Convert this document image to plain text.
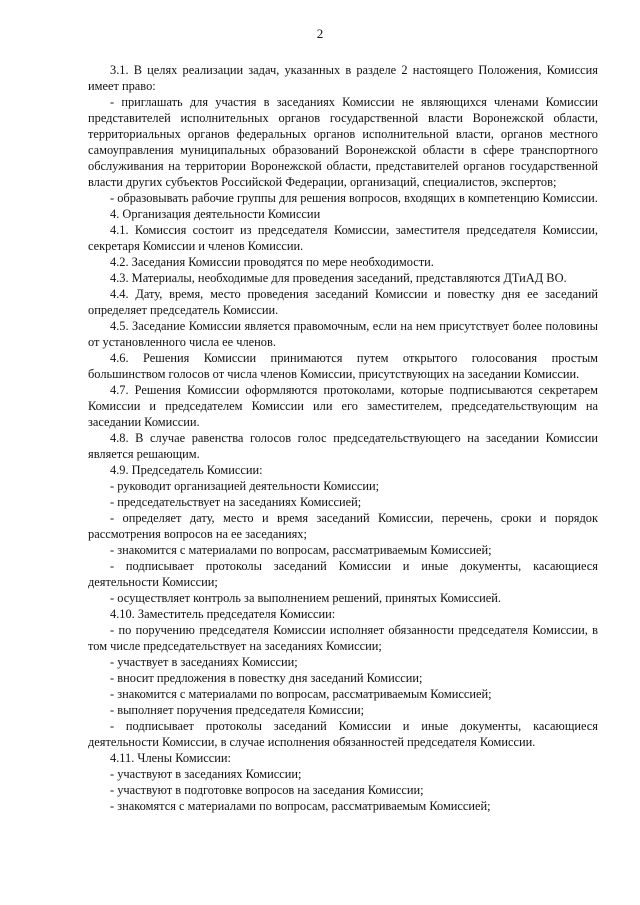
2

3.1. В целях реализации задач, указанных в разделе 2 настоящего Положения, Комиссия имеет право:

- приглашать для участия в заседаниях Комиссии не являющихся членами Комиссии представителей исполнительных органов государственной власти Воронежской области, территориальных органов федеральных органов исполнительной власти, органов местного самоуправления муниципальных образований Воронежской области в сфере транспортного обслуживания на территории Воронежской области, представителей органов государственной власти других субъектов Российской Федерации, организаций, специалистов, экспертов;

- образовывать рабочие группы для решения вопросов, входящих в компетенцию Комиссии.

4. Организация деятельности Комиссии

4.1. Комиссия состоит из председателя Комиссии, заместителя председателя Комиссии, секретаря Комиссии и членов Комиссии.

4.2. Заседания Комиссии проводятся по мере необходимости.

4.3. Материалы, необходимые для проведения заседаний, представляются ДТиАД ВО.

4.4. Дату, время, место проведения заседаний Комиссии и повестку дня ее заседаний определяет председатель Комиссии.

4.5. Заседание Комиссии является правомочным, если на нем присутствует более половины от установленного числа ее членов.

4.6. Решения Комиссии принимаются путем открытого голосования простым большинством голосов от числа членов Комиссии, присутствующих на заседании Комиссии.

4.7. Решения Комиссии оформляются протоколами, которые подписываются секретарем Комиссии и председателем Комиссии или его заместителем, председательствующим на заседании Комиссии.

4.8. В случае равенства голосов голос председательствующего на заседании Комиссии является решающим.

4.9. Председатель Комиссии:

- руководит организацией деятельности Комиссии;

- председательствует на заседаниях Комиссией;

- определяет дату, место и время заседаний Комиссии, перечень, сроки и порядок рассмотрения вопросов на ее заседаниях;

- знакомится с материалами по вопросам, рассматриваемым Комиссией;

- подписывает протоколы заседаний Комиссии и иные документы, касающиеся деятельности Комиссии;

- осуществляет контроль за выполнением решений, принятых Комиссией.

4.10. Заместитель председателя Комиссии:

- по поручению председателя Комиссии исполняет обязанности председателя Комиссии, в том числе председательствует на заседаниях Комиссии;

- участвует в заседаниях Комиссии;

- вносит предложения в повестку дня заседаний Комиссии;

- знакомится с материалами по вопросам, рассматриваемым Комиссией;

- выполняет поручения председателя Комиссии;

- подписывает протоколы заседаний Комиссии и иные документы, касающиеся деятельности Комиссии, в случае исполнения обязанностей председателя Комиссии.

4.11. Члены Комиссии:

- участвуют в заседаниях Комиссии;

- участвуют в подготовке вопросов на заседания Комиссии;

- знакомятся с материалами по вопросам, рассматриваемым Комиссией;
